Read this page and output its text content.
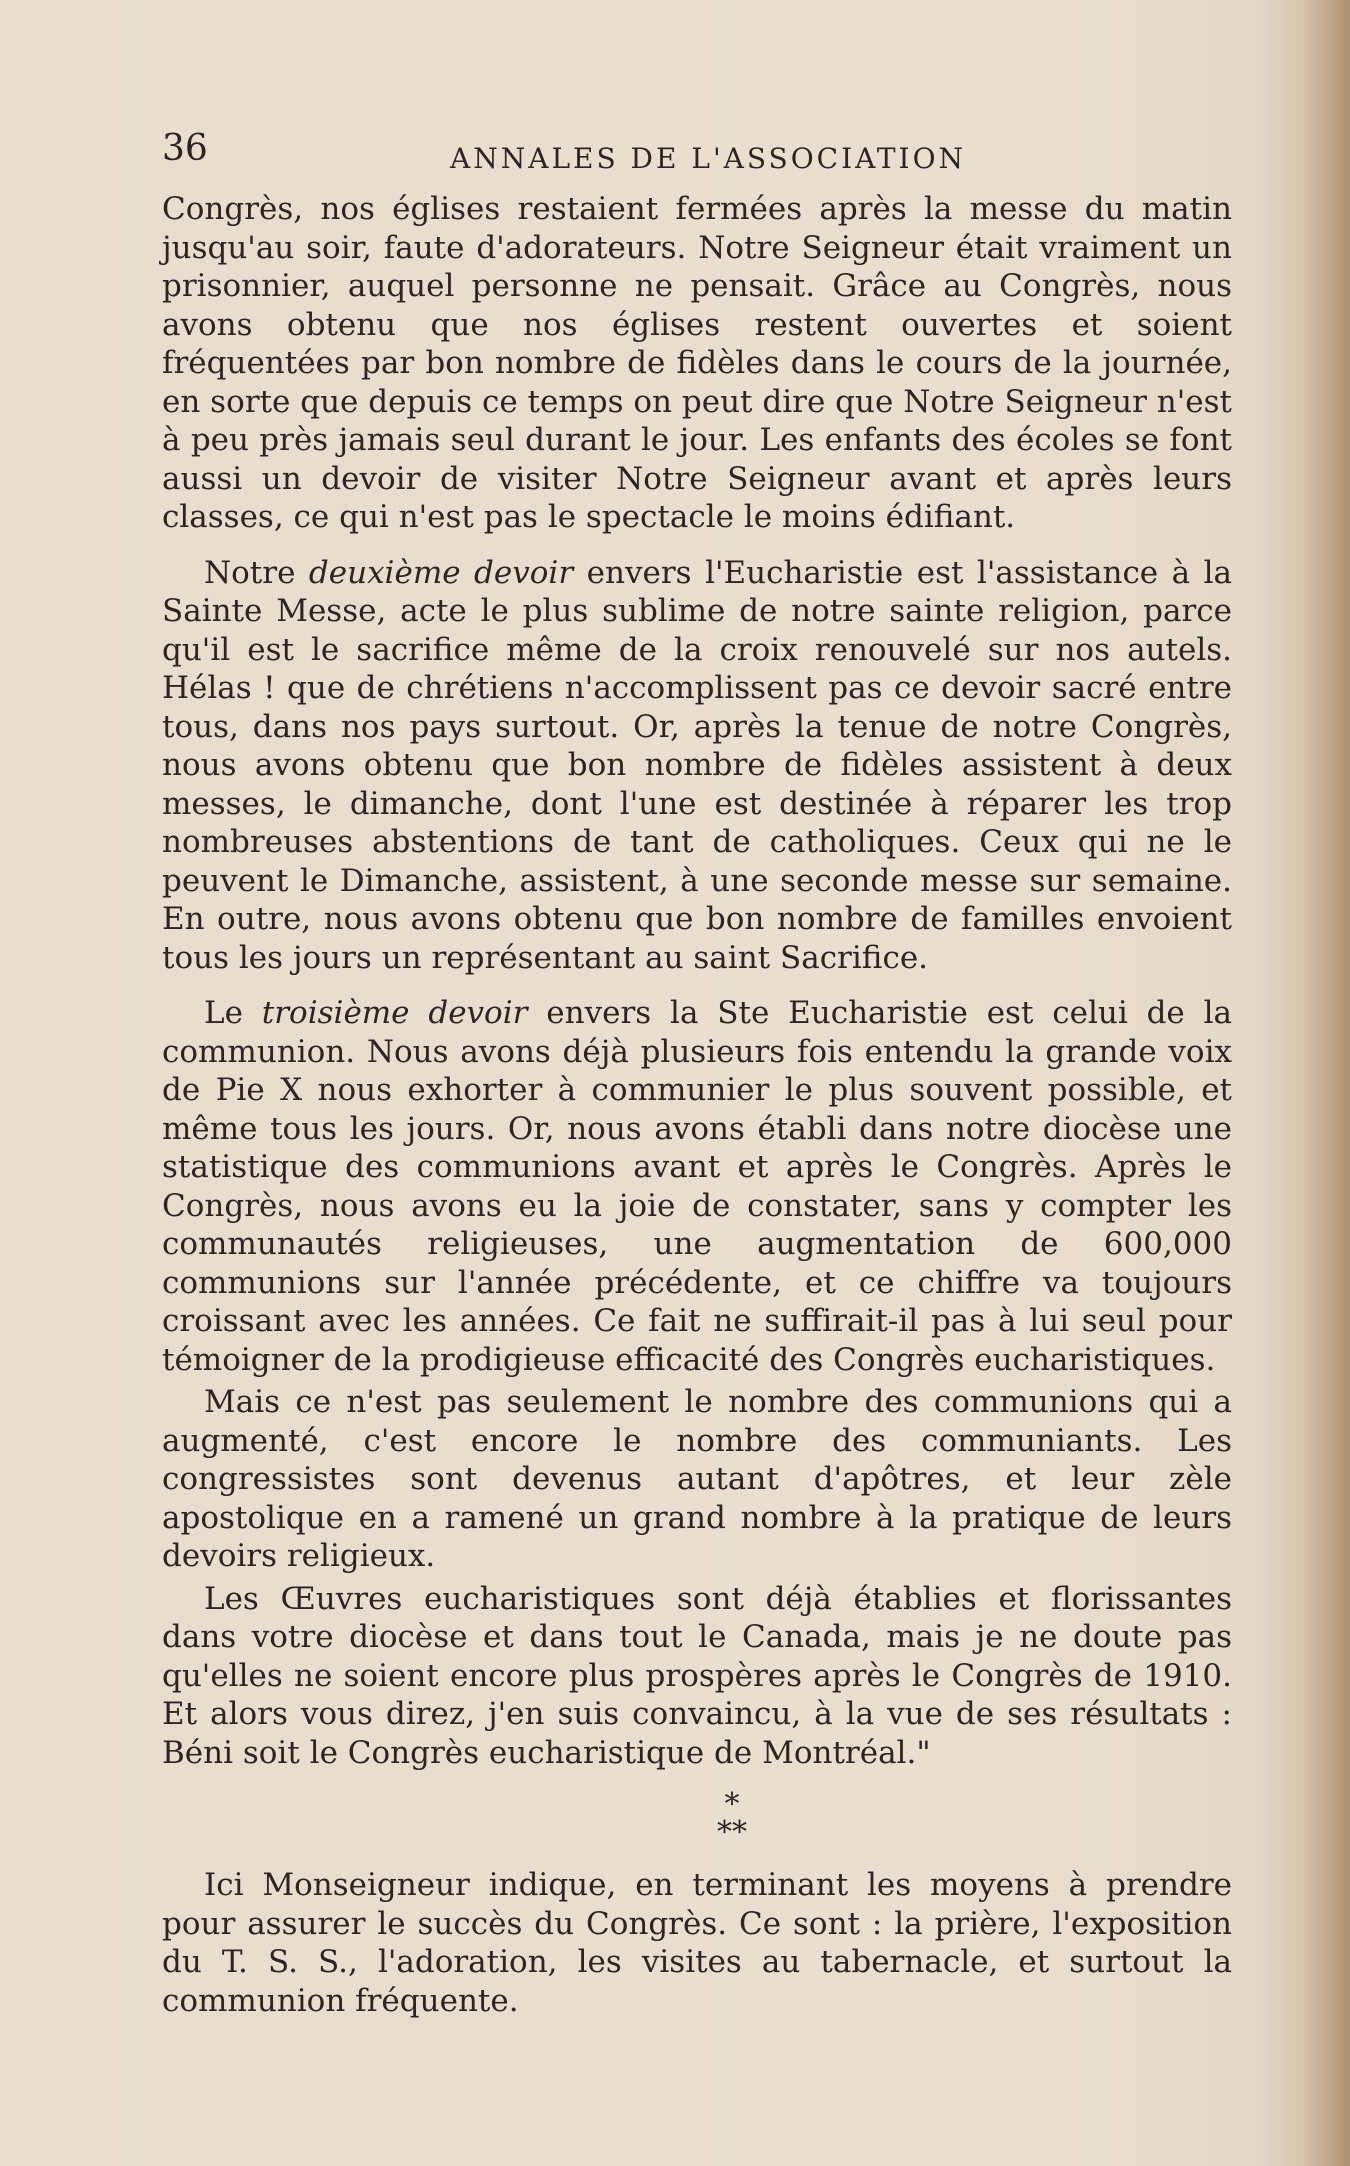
36	ANNALES DE L'ASSOCIATION

Congrès, nos églises restaient fermées après la messe du matin jusqu'au soir, faute d'adorateurs. Notre Seigneur était vraiment un prisonnier, auquel personne ne pensait. Grâce au Congrès, nous avons obtenu que nos églises restent ouvertes et soient fréquentées par bon nombre de fidèles dans le cours de la journée, en sorte que depuis ce temps on peut dire que Notre Seigneur n'est à peu près jamais seul durant le jour. Les enfants des écoles se font aussi un devoir de visiter Notre Seigneur avant et après leurs classes, ce qui n'est pas le spectacle le moins édifiant.

Notre deuxième devoir envers l'Eucharistie est l'assistance à la Sainte Messe, acte le plus sublime de notre sainte religion, parce qu'il est le sacrifice même de la croix renouvelé sur nos autels. Hélas ! que de chrétiens n'accomplissent pas ce devoir sacré entre tous, dans nos pays surtout. Or, après la tenue de notre Congrès, nous avons obtenu que bon nombre de fidèles assistent à deux messes, le dimanche, dont l'une est destinée à réparer les trop nombreuses abstentions de tant de catholiques. Ceux qui ne le peuvent le Dimanche, assistent, à une seconde messe sur semaine. En outre, nous avons obtenu que bon nombre de familles envoient tous les jours un représentant au saint Sacrifice.

Le troisième devoir envers la Ste Eucharistie est celui de la communion. Nous avons déjà plusieurs fois entendu la grande voix de Pie X nous exhorter à communier le plus souvent possible, et même tous les jours. Or, nous avons établi dans notre diocèse une statistique des communions avant et après le Congrès. Après le Congrès, nous avons eu la joie de constater, sans y compter les communautés religieuses, une augmentation de 600,000 communions sur l'année précédente, et ce chiffre va toujours croissant avec les années. Ce fait ne suffirait-il pas à lui seul pour témoigner de la prodigieuse efficacité des Congrès eucharistiques.

Mais ce n'est pas seulement le nombre des communions qui a augmenté, c'est encore le nombre des communiants. Les congressistes sont devenus autant d'apôtres, et leur zèle apostolique en a ramené un grand nombre à la pratique de leurs devoirs religieux.

Les Œuvres eucharistiques sont déjà établies et florissantes dans votre diocèse et dans tout le Canada, mais je ne doute pas qu'elles ne soient encore plus prospères après le Congrès de 1910. Et alors vous direz, j'en suis convaincu, à la vue de ses résultats : Béni soit le Congrès eucharistique de Montréal."

*
**

Ici Monseigneur indique, en terminant les moyens à prendre pour assurer le succès du Congrès. Ce sont : la prière, l'exposition du T. S. S., l'adoration, les visites au tabernacle, et surtout la communion fréquente.
